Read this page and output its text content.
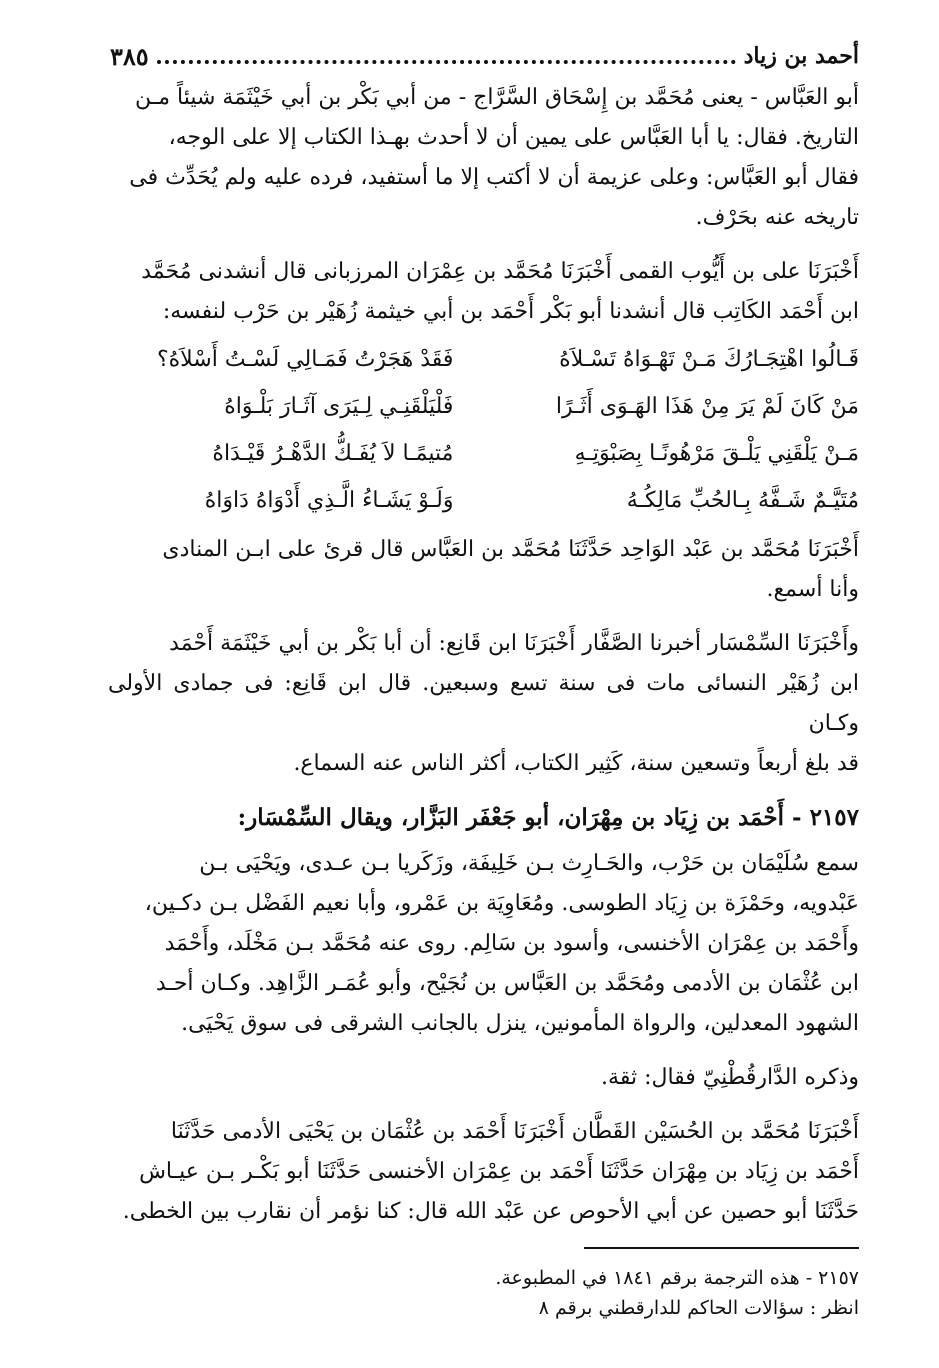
أحمد بن زياد
٣٨٥
أبو العَبَّاس - يعنى مُحَمَّد بن إِسْحَاق السَّرَّاج - من أبي بَكْر بن أبي خَيْثَمَة شيئاً مـن
التاريخ. فقال: يا أبا العَبَّاس على يمين أن لا أحدث بهـذا الكتاب إلا على الوجه،
فقال أبو العَبَّاس: وعلى عزيمة أن لا أكتب إلا ما أستفيد، فرده عليه ولم يُحَدِّث فى
تاريخه عنه بحَرْف.
أَخْبَرَنَا على بن أَيُّوب القمى أَخْبَرَنَا مُحَمَّد بن عِمْرَان المرزبانى قال أنشدنى مُحَمَّد
ابن أَحْمَد الكَاتِب قال أنشدنا أبو بَكْر أَحْمَد بن أبي خيثمة زُهَيْر بن حَرْب لنفسه:
قَـالُوا اهْتِجَـارُكَ مَـنْ تَهْـوَاهُ تَسْـلاَهُ
فَقَدْ هَجَرْتُ فَمَـالِي لَسْـتُ أَسْلاَهُ؟
مَنْ كَانَ لَمْ يَرَ مِنْ هَذَا الهَـوَى أَثَـرًا
فَلْيَلْقَنِـي لِـيَرَى آثَـارَ بَلْـوَاهُ
مَـنْ يَلْقَنِي يَلْـقَ مَرْهُونًـا بِصَبْوَتِـهِ
مُتيمًـا لاَ يُفَـكُّ الدَّهْـرُ قَيْـدَاهُ
مُتَيَّـمٌ شَـفَّهُ بِـالحُبِّ مَالِكُـهُ
وَلَـوْ يَشَـاءُ الَّـذِي أَدْوَاهُ دَاوَاهُ
أَخْبَرَنَا مُحَمَّد بن عَبْد الوَاحِد حَدَّثَنَا مُحَمَّد بن العَبَّاس قال قرئ على ابـن المنادى
وأنا أسمع.
وأَخْبَرَنَا السِّمْسَار أخبرنا الصَّفَّار أَخْبَرَنَا ابن قَانِع: أن أبا بَكْر بن أبي خَيْثَمَة أَحْمَد
ابن زُهَيْر النسائى مات فى سنة تسع وسبعين. قال ابن قَانِع: فى جمادى الأولى وكـان
قد بلغ أربعاً وتسعين سنة، كَثِير الكتاب، أكثر الناس عنه السماع.
٢١٥٧ - أَحْمَد بن زِيَاد بن مِهْرَان، أبو جَعْفَر البَزَّار، ويقال السِّمْسَار:
سمع سُلَيْمَان بن حَرْب، والحَـارِث بـن خَلِيفَة، وزَكَريا بـن عـدى، ويَحْيَى بـن
عَبْدويه، وحَمْزَة بن زِيَاد الطوسى. ومُعَاوِيَة بن عَمْرو، وأبا نعيم الفَضْل بـن دكـين،
وأَحْمَد بن عِمْرَان الأخنسى، وأسود بن سَالِم. روى عنه مُحَمَّد بـن مَخْلَد، وأَحْمَد
ابن عُثْمَان بن الأدمى ومُحَمَّد بن العَبَّاس بن نُجَيْح، وأبو عُمَـر الزَّاهِد. وكـان أحـد
الشهود المعدلين، والرواة المأمونين، ينزل بالجانب الشرقى فى سوق يَحْيَى.
وذكره الدَّارقُطْنِيّ فقال: ثقة.
أَخْبَرَنَا مُحَمَّد بن الحُسَيْن القَطَّان أَخْبَرَنَا أَحْمَد بن عُثْمَان بن يَحْيَى الأدمى حَدَّثَنَا
أَحْمَد بن زِيَاد بن مِهْرَان حَدَّثَنَا أَحْمَد بن عِمْرَان الأخنسى حَدَّثَنَا أبو بَكْـر بـن عيـاش
حَدَّثَنَا أبو حصين عن أبي الأحوص عن عَبْد الله قال: كنا نؤمر أن نقارب بين الخطى.
٢١٥٧ - هذه الترجمة برقم ١٨٤١ في المطبوعة.
انظر : سؤالات الحاكم للدارقطني برقم ٨
